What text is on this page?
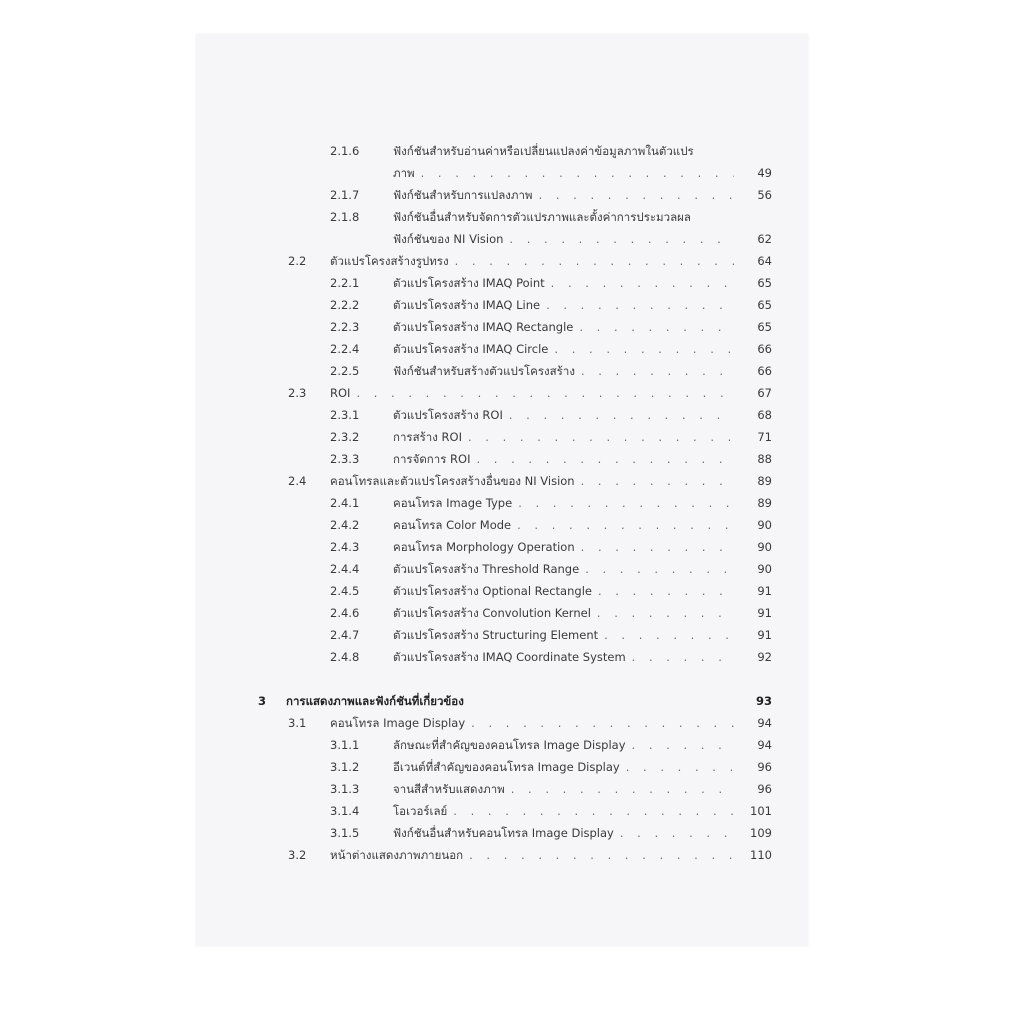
2.1.6	ฟังก์ชันสำหรับอ่านค่าหรือเปลี่ยนแปลงค่าข้อมูลภาพในตัวแปร
ภาพ . . .	49
2.1.7	ฟังก์ชันสำหรับการแปลงภาพ . . .	56
2.1.8	ฟังก์ชันอื่นสำหรับจัดการตัวแปรภาพและตั้งค่าการประมวลผล
ฟังก์ชันของ NI Vision . . .	62
2.2 ตัวแปรโครงสร้างรูปทรง . . .	64
2.2.1	ตัวแปรโครงสร้าง IMAQ Point . . .	65
2.2.2	ตัวแปรโครงสร้าง IMAQ Line . . .	65
2.2.3	ตัวแปรโครงสร้าง IMAQ Rectangle . . .	65
2.2.4	ตัวแปรโครงสร้าง IMAQ Circle . . .	66
2.2.5	ฟังก์ชันสำหรับสร้างตัวแปรโครงสร้าง . . .	66
2.3 ROI . . .	67
2.3.1	ตัวแปรโครงสร้าง ROI . . .	68
2.3.2	การสร้าง ROI . . .	71
2.3.3	การจัดการ ROI . . .	88
2.4 คอนโทรลและตัวแปรโครงสร้างอื่นของ NI Vision . . .	89
2.4.1	คอนโทรล Image Type . . .	89
2.4.2	คอนโทรล Color Mode . . .	90
2.4.3	คอนโทรล Morphology Operation . . .	90
2.4.4	ตัวแปรโครงสร้าง Threshold Range . . .	90
2.4.5	ตัวแปรโครงสร้าง Optional Rectangle . . .	91
2.4.6	ตัวแปรโครงสร้าง Convolution Kernel . . .	91
2.4.7	ตัวแปรโครงสร้าง Structuring Element . . .	91
2.4.8	ตัวแปรโครงสร้าง IMAQ Coordinate System . . .	92
3 การแสดงภาพและฟังก์ชันที่เกี่ยวข้อง	93
3.1 คอนโทรล Image Display . . .	94
3.1.1	ลักษณะที่สำคัญของคอนโทรล Image Display . . .	94
3.1.2	อีเวนต์ที่สำคัญของคอนโทรล Image Display . . .	96
3.1.3	จานสีสำหรับแสดงภาพ . . .	96
3.1.4	โอเวอร์เลย์ . . .	101
3.1.5	ฟังก์ชันอื่นสำหรับคอนโทรล Image Display . . .	109
3.2 หน้าต่างแสดงภาพภายนอก . . .	110
